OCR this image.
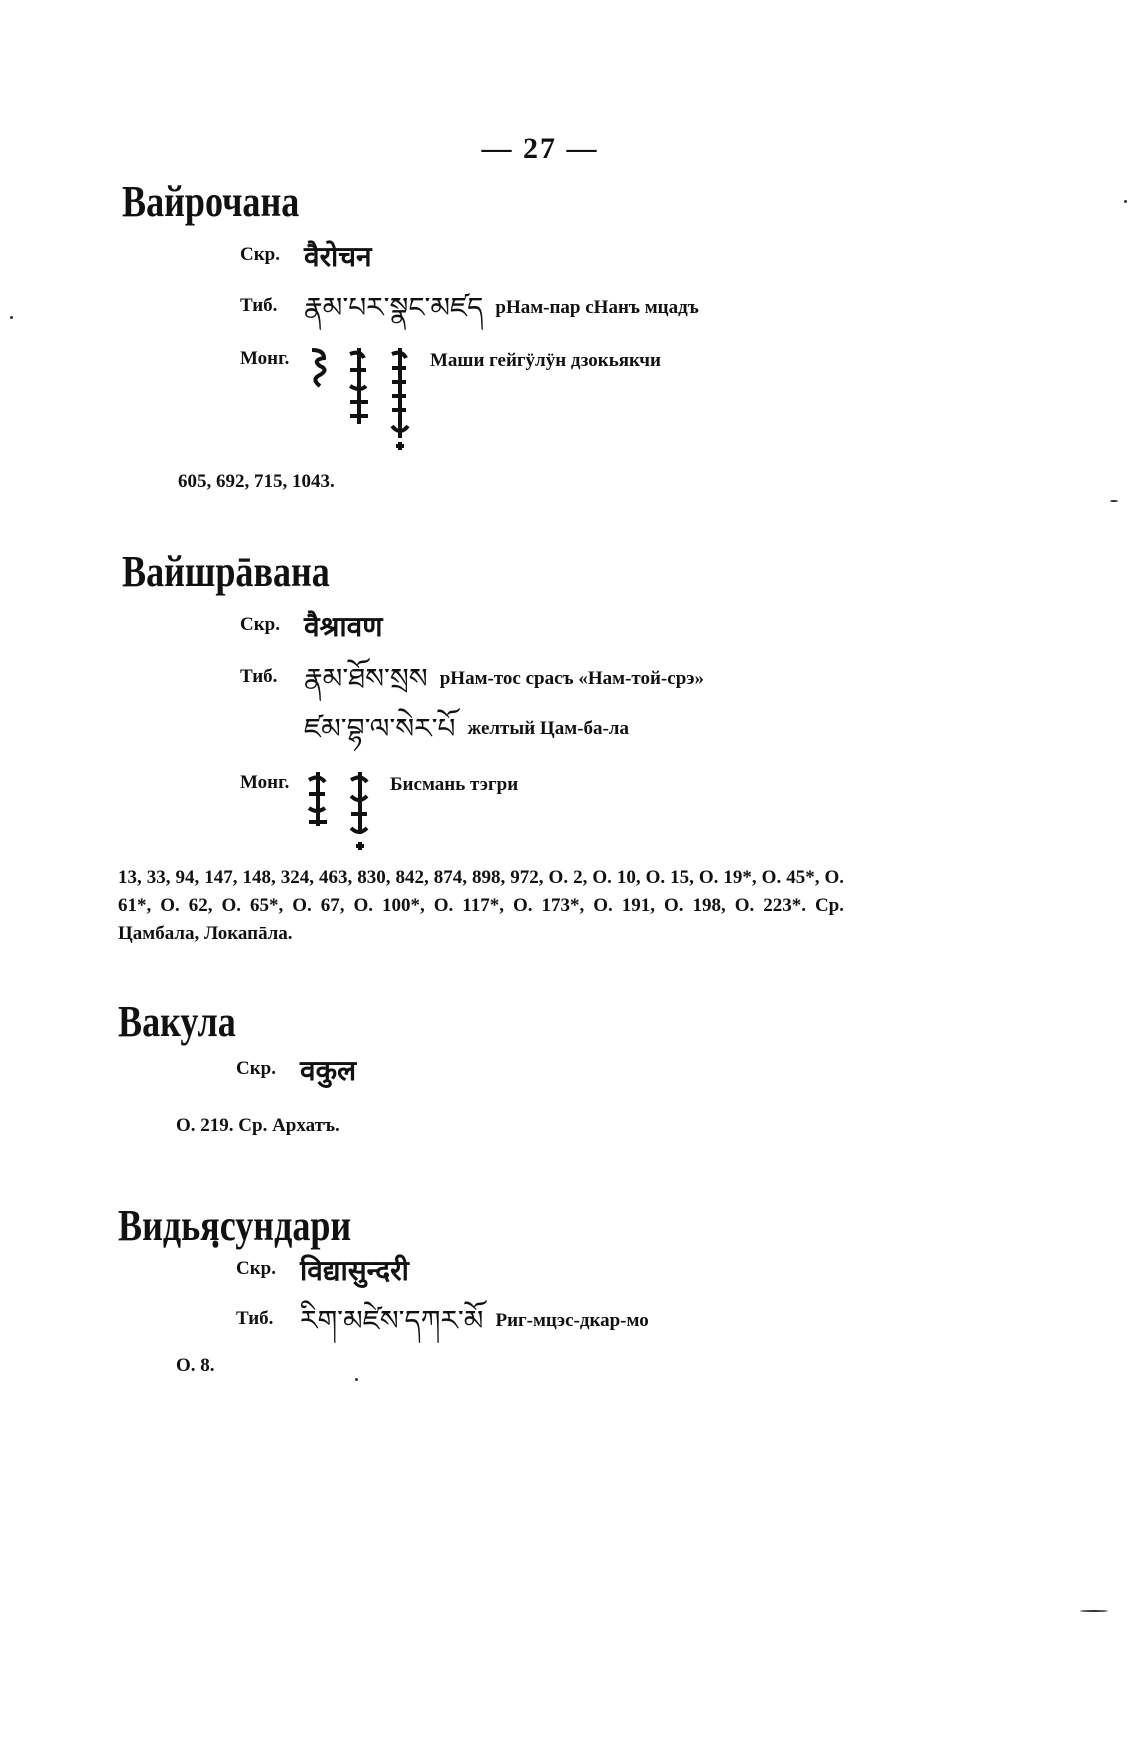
— 27 —
Вайрочана
Скр. वैरोचन
Тиб. རྣམ་པར་སྣང་མཛད рНам-пар сНанъ мцадъ
Монг.	Маши гейгӱлӱн дзокьякчи
605, 692, 715, 1043.
Вайшрāвана
Скр. वैश्रावण
Тиб. རྣམ་ཐོས་སྲས рНам-тос срасъ «Нам-той-срэ»
ཛམ་བྷ་ལ་སེར་པོ желтый Цам-ба-ла
Монг.	Бисмань тэгри
13, 33, 94, 147, 148, 324, 463, 830, 842, 874, 898, 972, О. 2, О. 10, О. 15, О. 19*, О. 45*, О. 61*, О. 62, О. 65*, О. 67, О. 100*, О. 117*, О. 173*, О. 191, О. 198, О. 223*. Ср. Цамбала, Локапāла.
Вакула
Скр. वकुल
О. 219. Ср. Архатъ.
Видьяฺсундари
Скр. विद्यासुन्दरी
Тиб. རིག་མཛེས་དཀར་མོ Риг-мцэс-дкар-мо
О. 8.
